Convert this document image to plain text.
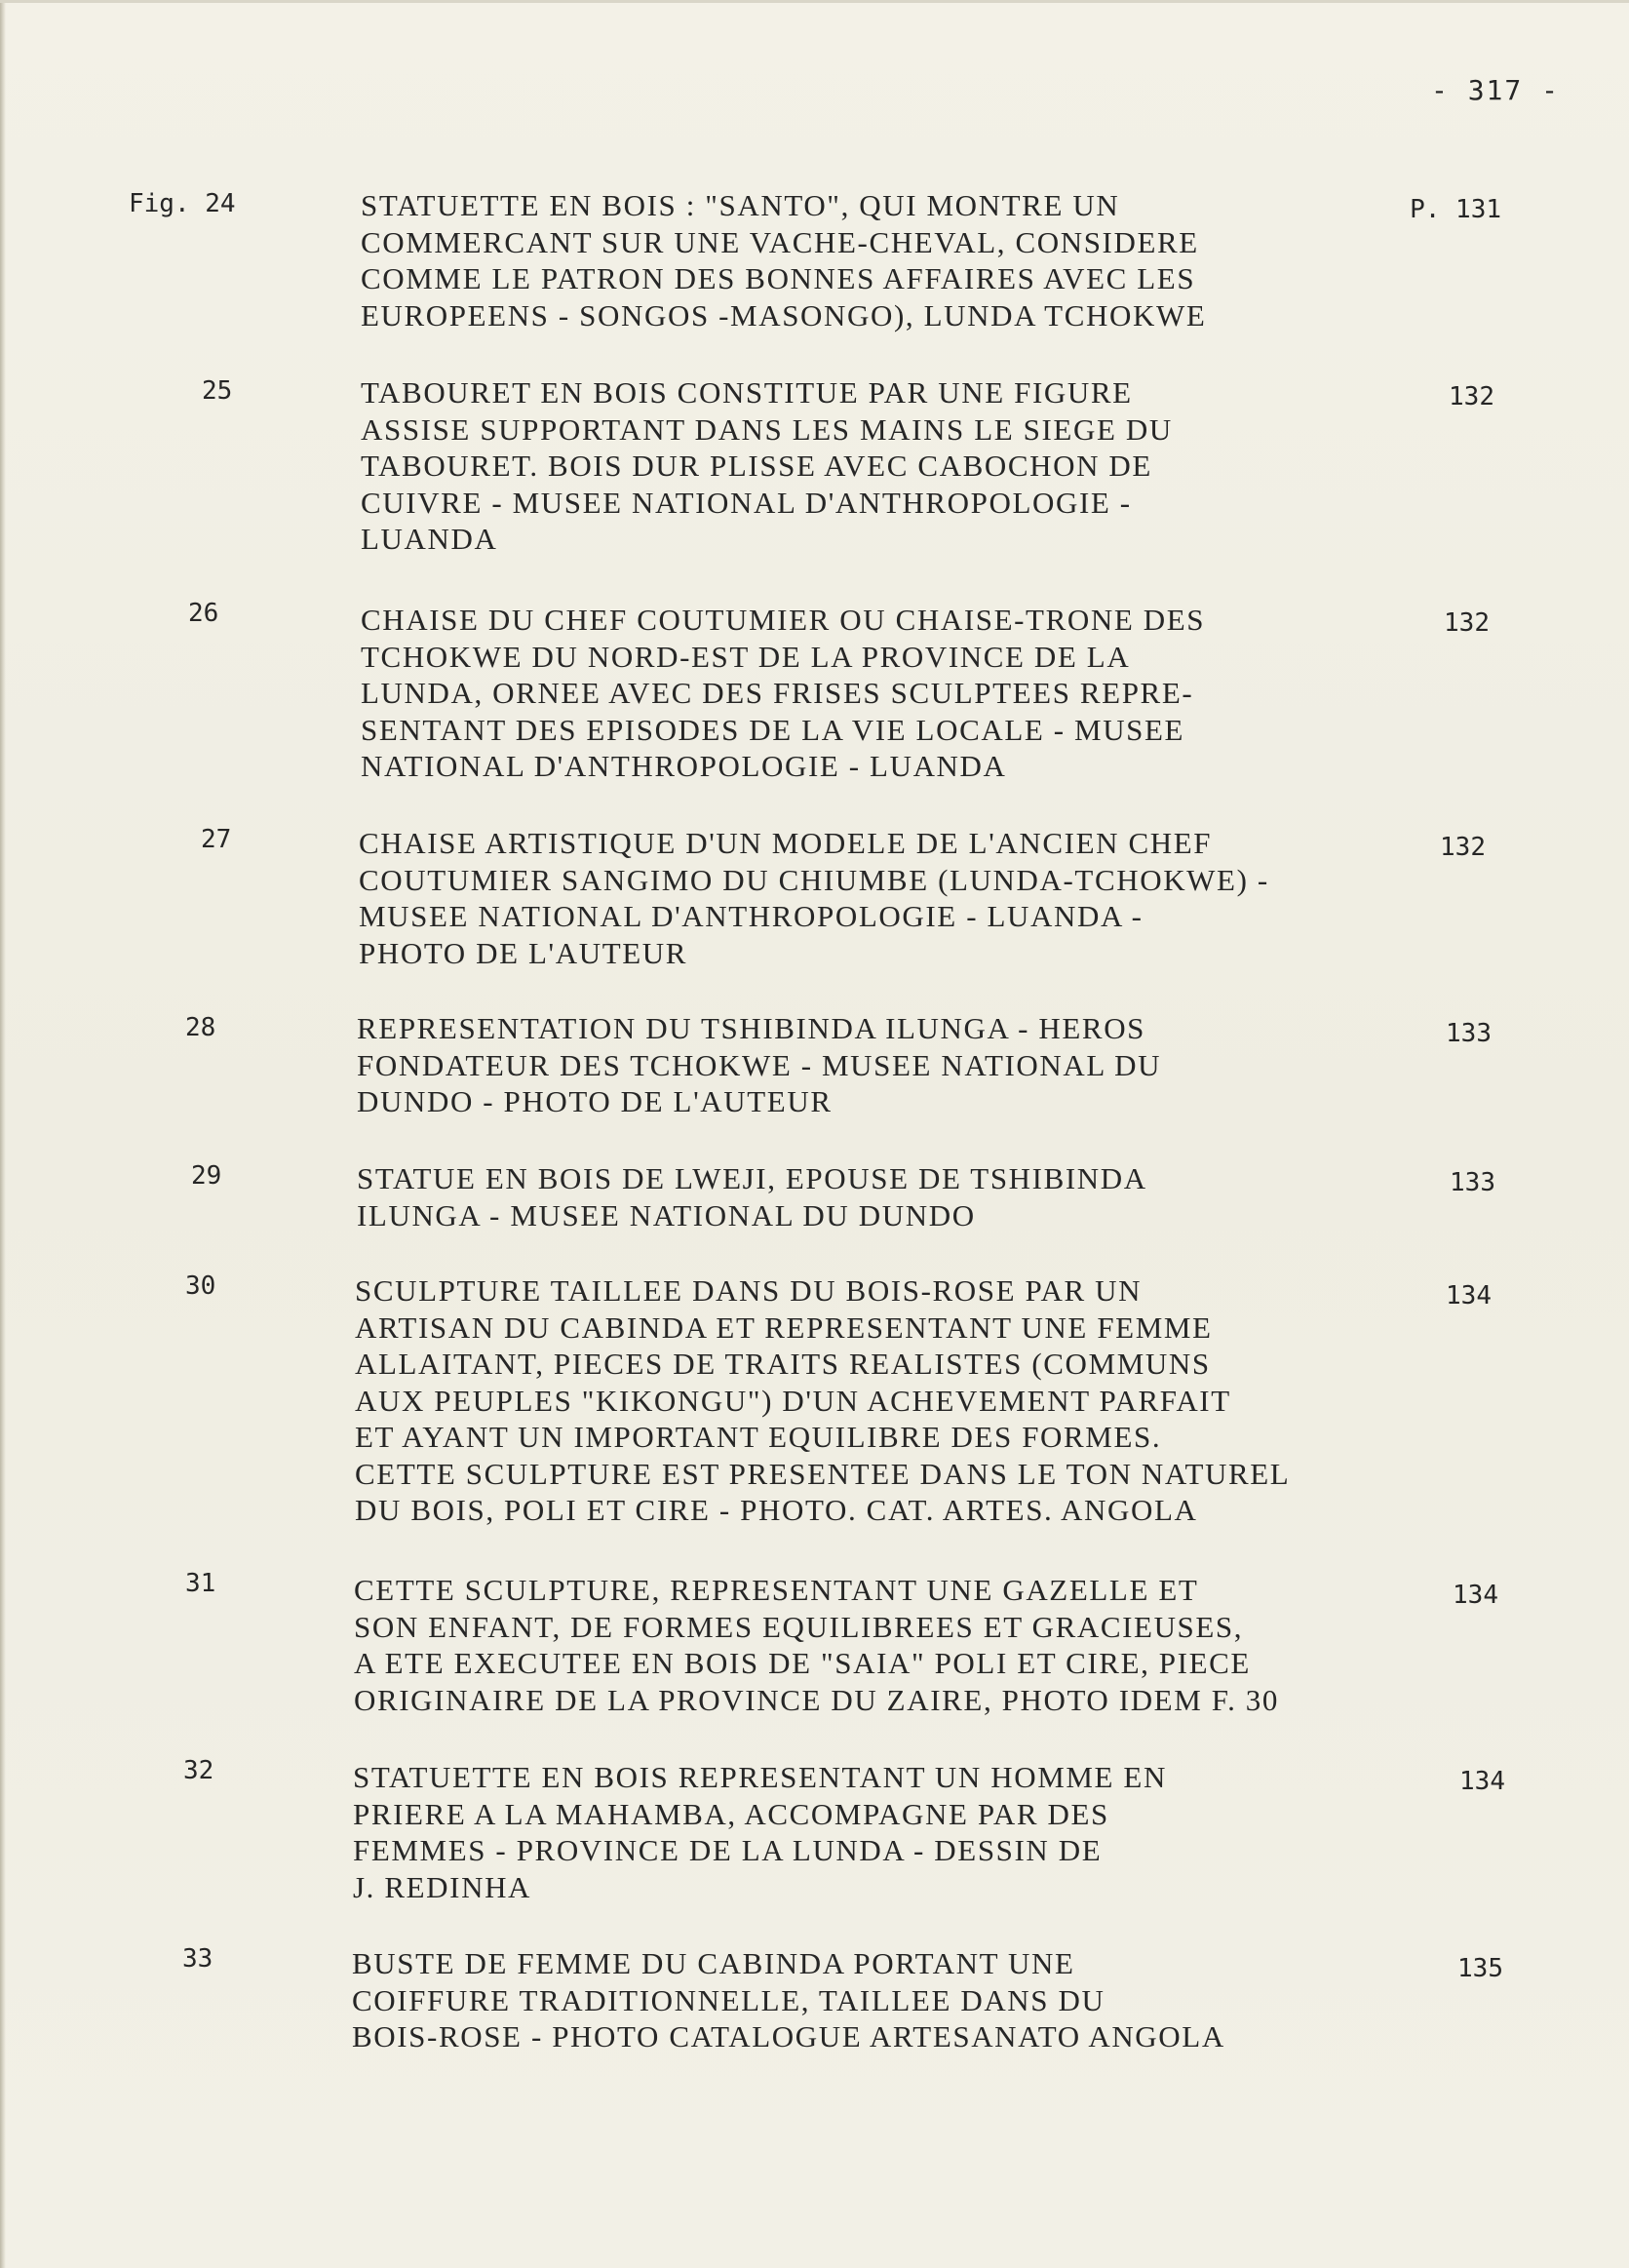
- 317 -
Fig. 24	STATUETTE EN BOIS : "SANTO", QUI MONTRE UN
COMMERCANT SUR UNE VACHE-CHEVAL, CONSIDERE
COMME LE PATRON DES BONNES AFFAIRES AVEC LES
EUROPEENS - SONGOS -MASONGO), LUNDA TCHOKWE
P. 131
25	TABOURET EN BOIS CONSTITUE PAR UNE FIGURE
ASSISE SUPPORTANT DANS LES MAINS LE SIEGE DU
TABOURET. BOIS DUR PLISSE AVEC CABOCHON DE
CUIVRE - MUSEE NATIONAL D'ANTHROPOLOGIE -
LUANDA
132
26	CHAISE DU CHEF COUTUMIER OU CHAISE-TRONE DES
TCHOKWE DU NORD-EST DE LA PROVINCE DE LA
LUNDA, ORNEE AVEC DES FRISES SCULPTEES REPRE-
SENTANT DES EPISODES DE LA VIE LOCALE - MUSEE
NATIONAL D'ANTHROPOLOGIE - LUANDA
132
27	CHAISE ARTISTIQUE D'UN MODELE DE L'ANCIEN CHEF
COUTUMIER SANGIMO DU CHIUMBE (LUNDA-TCHOKWE) -
MUSEE NATIONAL D'ANTHROPOLOGIE - LUANDA -
PHOTO DE L'AUTEUR
132
28	REPRESENTATION DU TSHIBINDA ILUNGA - HEROS
FONDATEUR DES TCHOKWE - MUSEE NATIONAL DU
DUNDO - PHOTO DE L'AUTEUR
133
29	STATUE EN BOIS DE LWEJI, EPOUSE DE TSHIBINDA
ILUNGA - MUSEE NATIONAL DU DUNDO
133
30	SCULPTURE TAILLEE DANS DU BOIS-ROSE PAR UN
ARTISAN DU CABINDA ET REPRESENTANT UNE FEMME
ALLAITANT, PIECES DE TRAITS REALISTES (COMMUNS
AUX PEUPLES "KIKONGU") D'UN ACHEVEMENT PARFAIT
ET AYANT UN IMPORTANT EQUILIBRE DES FORMES.
CETTE SCULPTURE EST PRESENTEE DANS LE TON NATUREL
DU BOIS, POLI ET CIRE - PHOTO. CAT. ARTES. ANGOLA
134
31	CETTE SCULPTURE, REPRESENTANT UNE GAZELLE ET
SON ENFANT, DE FORMES EQUILIBREES ET GRACIEUSES,
A ETE EXECUTEE EN BOIS DE "SAIA" POLI ET CIRE, PIECE
ORIGINAIRE DE LA PROVINCE DU ZAIRE, PHOTO IDEM F. 30
134
32	STATUETTE EN BOIS REPRESENTANT UN HOMME EN
PRIERE A LA MAHAMBA, ACCOMPAGNE PAR DES
FEMMES - PROVINCE DE LA LUNDA - DESSIN DE
J. REDINHA
134
33	BUSTE DE FEMME DU CABINDA PORTANT UNE
COIFFURE TRADITIONNELLE, TAILLEE DANS DU
BOIS-ROSE - PHOTO CATALOGUE ARTESANATO ANGOLA
135
